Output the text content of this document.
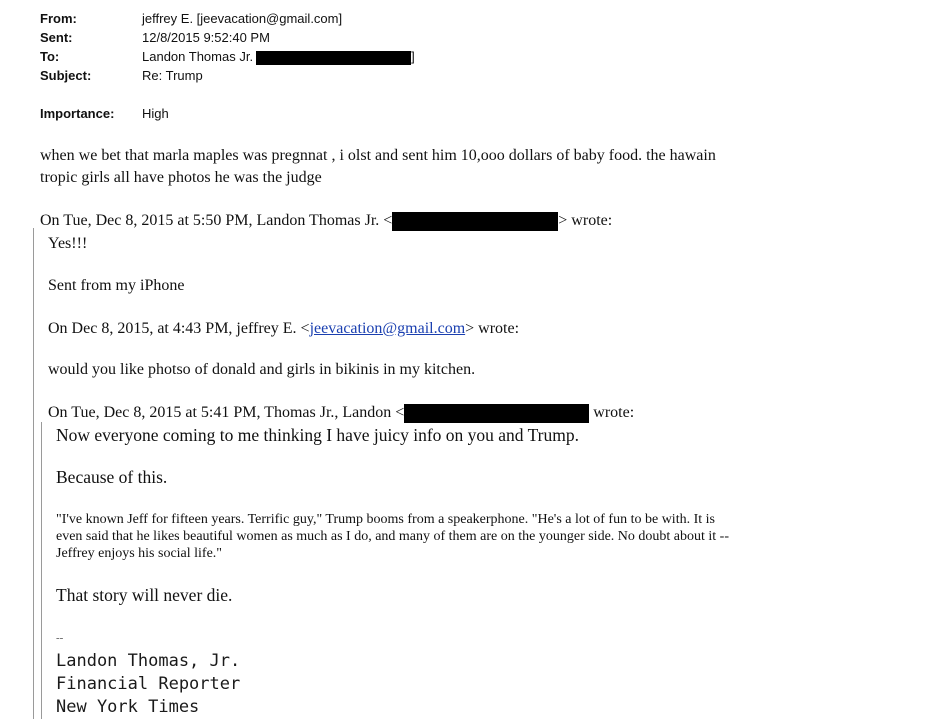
From:	jeffrey E. [jeevacation@gmail.com]
Sent:	12/8/2015 9:52:40 PM
To:	Landon Thomas Jr.	]
Subject:	Re: Trump
Importance: High
when we bet that marla maples was pregnnat , i olst and sent him 10,ooo dollars of baby food. the hawain
tropic girls all have photos he was the judge
On Tue, Dec 8, 2015 at 5:50 PM, Landon Thomas Jr. <	> wrote:
Yes!!!
Sent from my iPhone
On Dec 8, 2015, at 4:43 PM, jeffrey E. <jeevacation@gmail.com> wrote:
would you like photso of donald and girls in bikinis in my kitchen.
On Tue, Dec 8, 2015 at 5:41 PM, Thomas Jr., Landon <	wrote:
Now everyone coming to me thinking I have juicy info on you and Trump.
Because of this.
"I've known Jeff for fifteen years. Terrific guy," Trump booms from a speakerphone. "He's a lot of fun to be with. It is
even said that he likes beautiful women as much as I do, and many of them are on the younger side. No doubt about it --
Jeffrey enjoys his social life."
That story will never die.
--
Landon Thomas, Jr.
Financial Reporter
New York Times
